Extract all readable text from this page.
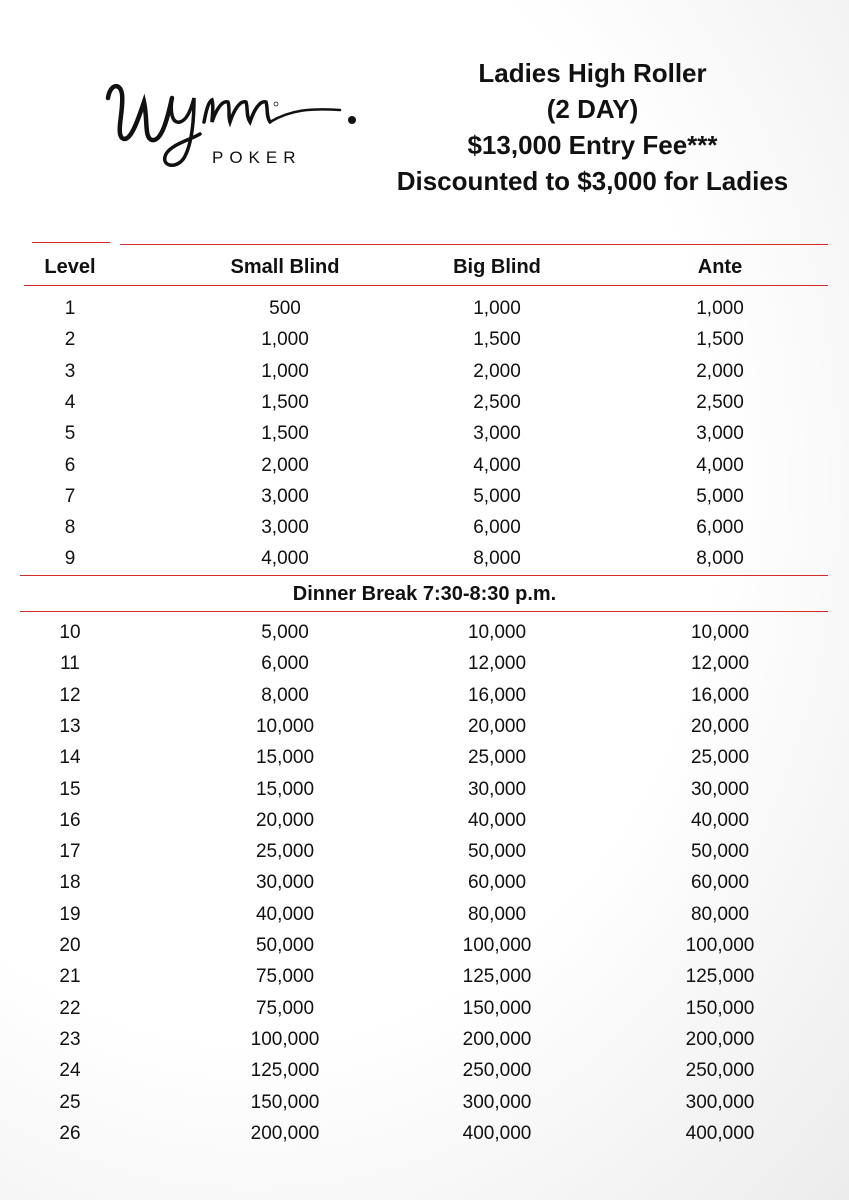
POKER
Ladies High Roller
(2 DAY)
$13,000 Entry Fee***
Discounted to $3,000 for Ladies
Level	Small Blind	Big Blind	Ante
1	500	1,000	1,000
2	1,000	1,500	1,500
3	1,000	2,000	2,000
4	1,500	2,500	2,500
5	1,500	3,000	3,000
6	2,000	4,000	4,000
7	3,000	5,000	5,000
8	3,000	6,000	6,000
9	4,000	8,000	8,000
Dinner Break 7:30-8:30 p.m.
10	5,000	10,000	10,000
11	6,000	12,000	12,000
12	8,000	16,000	16,000
13	10,000	20,000	20,000
14	15,000	25,000	25,000
15	15,000	30,000	30,000
16	20,000	40,000	40,000
17	25,000	50,000	50,000
18	30,000	60,000	60,000
19	40,000	80,000	80,000
20	50,000	100,000	100,000
21	75,000	125,000	125,000
22	75,000	150,000	150,000
23	100,000	200,000	200,000
24	125,000	250,000	250,000
25	150,000	300,000	300,000
26	200,000	400,000	400,000
